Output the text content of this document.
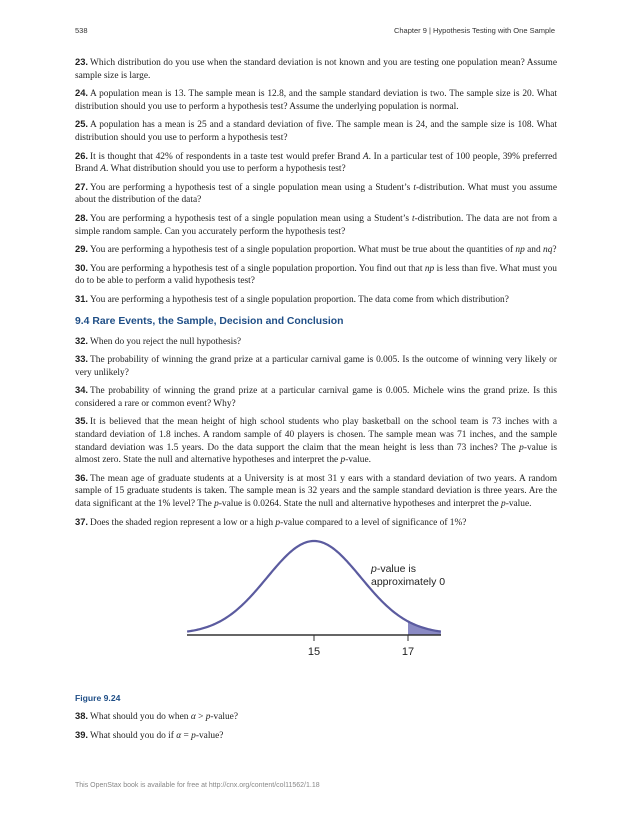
538	Chapter 9 | Hypothesis Testing with One Sample

23. Which distribution do you use when the standard deviation is not known and you are testing one population mean? Assume sample size is large.

24. A population mean is 13. The sample mean is 12.8, and the sample standard deviation is two. The sample size is 20. What distribution should you use to perform a hypothesis test? Assume the underlying population is normal.

25. A population has a mean is 25 and a standard deviation of five. The sample mean is 24, and the sample size is 108. What distribution should you use to perform a hypothesis test?

26. It is thought that 42% of respondents in a taste test would prefer Brand A. In a particular test of 100 people, 39% preferred Brand A. What distribution should you use to perform a hypothesis test?

27. You are performing a hypothesis test of a single population mean using a Student’s t-distribution. What must you assume about the distribution of the data?

28. You are performing a hypothesis test of a single population mean using a Student’s t-distribution. The data are not from a simple random sample. Can you accurately perform the hypothesis test?

29. You are performing a hypothesis test of a single population proportion. What must be true about the quantities of np and nq?

30. You are performing a hypothesis test of a single population proportion. You find out that np is less than five. What must you do to be able to perform a valid hypothesis test?

31. You are performing a hypothesis test of a single population proportion. The data come from which distribution?

9.4 Rare Events, the Sample, Decision and Conclusion

32. When do you reject the null hypothesis?

33. The probability of winning the grand prize at a particular carnival game is 0.005. Is the outcome of winning very likely or very unlikely?

34. The probability of winning the grand prize at a particular carnival game is 0.005. Michele wins the grand prize. Is this considered a rare or common event? Why?

35. It is believed that the mean height of high school students who play basketball on the school team is 73 inches with a standard deviation of 1.8 inches. A random sample of 40 players is chosen. The sample mean was 71 inches, and the sample standard deviation was 1.5 years. Do the data support the claim that the mean height is less than 73 inches? The p-value is almost zero. State the null and alternative hypotheses and interpret the p-value.

36. The mean age of graduate students at a University is at most 31 y ears with a standard deviation of two years. A random sample of 15 graduate students is taken. The sample mean is 32 years and the sample standard deviation is three years. Are the data significant at the 1% level? The p-value is 0.0264. State the null and alternative hypotheses and interpret the p-value.

37. Does the shaded region represent a low or a high p-value compared to a level of significance of 1%?

15	17
p-value is
approximately 0
Figure 9.24

38. What should you do when α > p-value?

39. What should you do if α = p-value?

This OpenStax book is available for free at http://cnx.org/content/col11562/1.18
